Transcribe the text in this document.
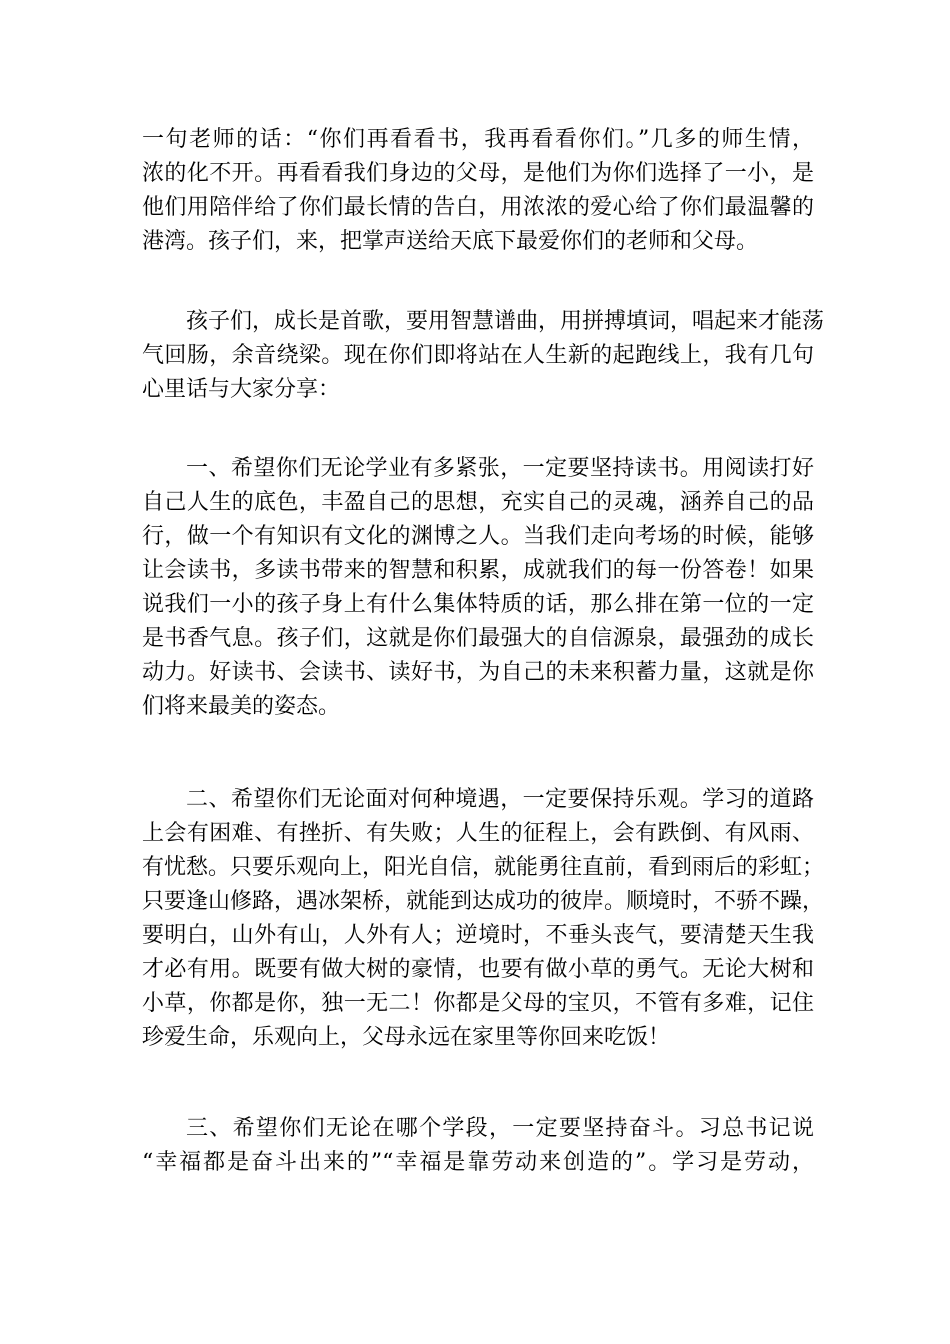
一句老师的话：“你们再看看书，我再看看你们。”几多的师生情，
浓的化不开。再看看我们身边的父母，是他们为你们选择了一小，是
他们用陪伴给了你们最长情的告白，用浓浓的爱心给了你们最温馨的
港湾。孩子们，来，把掌声送给天底下最爱你们的老师和父母。
孩子们，成长是首歌，要用智慧谱曲，用拼搏填词，唱起来才能荡
气回肠，余音绕梁。现在你们即将站在人生新的起跑线上，我有几句
心里话与大家分享：
一、希望你们无论学业有多紧张，一定要坚持读书。用阅读打好
自己人生的底色，丰盈自己的思想，充实自己的灵魂，涵养自己的品
行，做一个有知识有文化的渊博之人。当我们走向考场的时候，能够
让会读书，多读书带来的智慧和积累，成就我们的每一份答卷！如果
说我们一小的孩子身上有什么集体特质的话，那么排在第一位的一定
是书香气息。孩子们，这就是你们最强大的自信源泉，最强劲的成长
动力。好读书、会读书、读好书，为自己的未来积蓄力量，这就是你
们将来最美的姿态。
二、希望你们无论面对何种境遇，一定要保持乐观。学习的道路
上会有困难、有挫折、有失败；人生的征程上，会有跌倒、有风雨、
有忧愁。只要乐观向上，阳光自信，就能勇往直前，看到雨后的彩虹；
只要逢山修路，遇冰架桥，就能到达成功的彼岸。顺境时，不骄不躁，
要明白，山外有山，人外有人；逆境时，不垂头丧气，要清楚天生我
才必有用。既要有做大树的豪情，也要有做小草的勇气。无论大树和
小草，你都是你，独一无二！你都是父母的宝贝，不管有多难，记住
珍爱生命，乐观向上，父母永远在家里等你回来吃饭！
三、希望你们无论在哪个学段，一定要坚持奋斗。习总书记说
“幸福都是奋斗出来的”“幸福是靠劳动来创造的”。学习是劳动，
